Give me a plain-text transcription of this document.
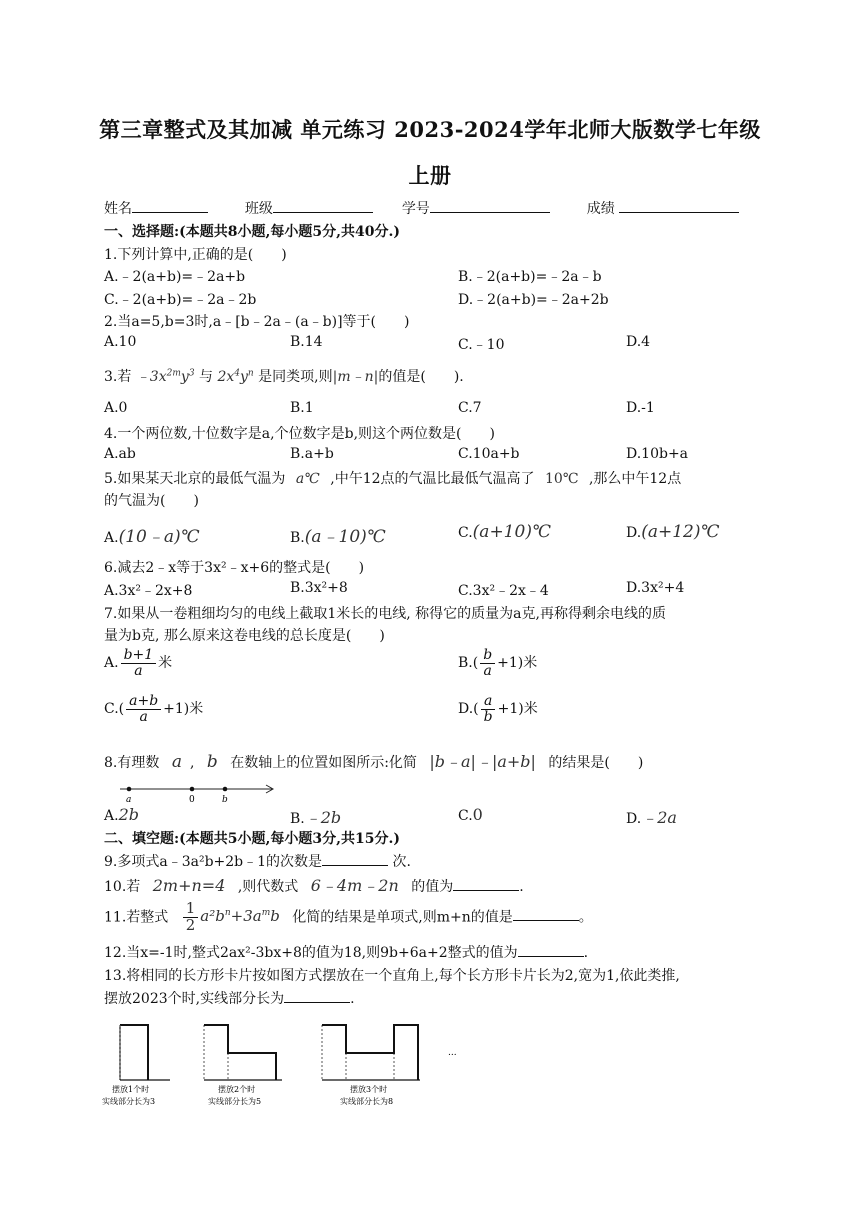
第三章整式及其加减 单元练习 2023-2024学年北师大版数学七年级
上册
姓名	班级	学号	成绩
一、选择题:(本题共8小题,每小题5分,共40分.)
1.下列计算中,正确的是(　　)
A.﹣2(a+b)=﹣2a+b	B.﹣2(a+b)=﹣2a﹣b
C.﹣2(a+b)=﹣2a﹣2b	D.﹣2(a+b)=﹣2a+2b
2.当a=5,b=3时,a﹣[b﹣2a﹣(a﹣b)]等于(　　)
A.10	B.14	C.﹣10	D.4
3.若 $﹣3x^{2m}y^3$ 与 $2x^4y^n$ 是同类项,则|m﹣n|的值是(　　).
A.0	B.1	C.7	D.-1
4.一个两位数,十位数字是a,个位数字是b,则这个两位数是(　　)
A.ab	B.a+b	C.10a+b	D.10b+a
5.如果某天北京的最低气温为 a℃ ,中午12点的气温比最低气温高了 10℃ ,那么中午12点
的气温为(　　)
A.(10﹣a)℃	B.(a﹣10)℃	C.(a+10)℃	D.(a+12)℃
6.减去2﹣x等于3x²﹣x+6的整式是(　　)
A.3x²﹣2x+8	B.3x²+8	C.3x²﹣2x﹣4	D.3x²+4
7.如果从一卷粗细均匀的电线上截取1米长的电线, 称得它的质量为a克,再称得剩余电线的质
量为b克, 那么原来这卷电线的总长度是(　　)
A. $\frac{b+1}{a}$ 米	$B.( \frac{b}{a} +1)$米
$C.( \frac{a+b}{a} +1)$米	$D.( \frac{a}{b} +1)$米
8.有理数 a , b 在数轴上的位置如图所示:化简 |b﹣a|﹣|a+b| 的结果是(　　)
a	0	b
A.2b	B.﹣2b	C.0	D.﹣2a
二、填空题:(本题共5小题,每小题3分,共15分.)
9.多项式a﹣3a²b+2b﹣1的次数是	次.
10.若 2m+n=4 ,则代数式 6﹣4m﹣2n 的值为	.
11.若整式 $\frac{1}{2} a^2b^n+3a^mb$ 化简的结果是单项式,则m+n的值是	。
12.当x=-1时,整式2ax²-3bx+8的值为18,则9b+6a+2整式的值为	.
13.将相同的长方形卡片按如图方式摆放在一个直角上,每个长方形卡片长为2,宽为1,依此类推,
摆放2023个时,实线部分长为	.
摆放1个时
实线部分长为3
摆放2个时
实线部分长为5
摆放3个时
实线部分长为8
...
